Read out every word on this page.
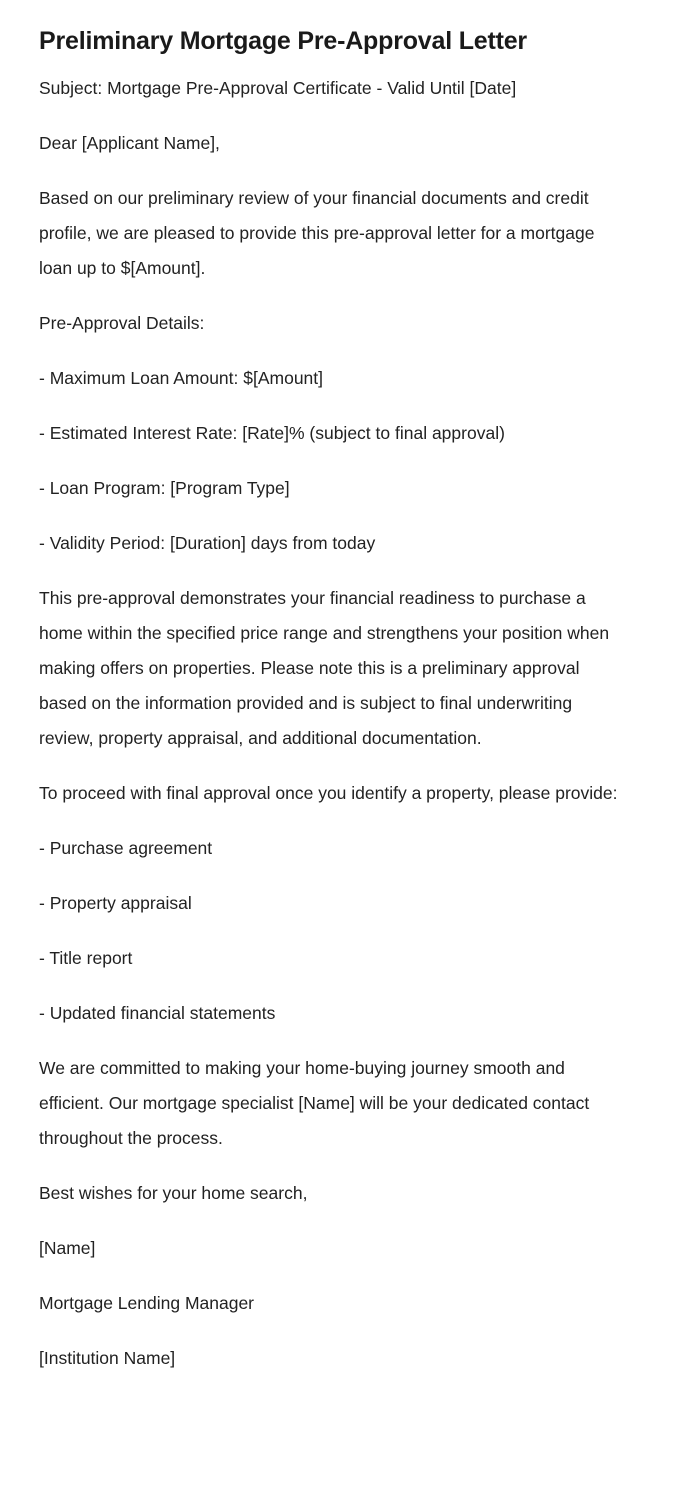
Preliminary Mortgage Pre-Approval Letter

Subject: Mortgage Pre-Approval Certificate - Valid Until [Date]

Dear [Applicant Name],

Based on our preliminary review of your financial documents and credit profile, we are pleased to provide this pre-approval letter for a mortgage loan up to $[Amount].

Pre-Approval Details:

- Maximum Loan Amount: $[Amount]

- Estimated Interest Rate: [Rate]% (subject to final approval)

- Loan Program: [Program Type]

- Validity Period: [Duration] days from today

This pre-approval demonstrates your financial readiness to purchase a home within the specified price range and strengthens your position when making offers on properties. Please note this is a preliminary approval based on the information provided and is subject to final underwriting review, property appraisal, and additional documentation.

To proceed with final approval once you identify a property, please provide:

- Purchase agreement

- Property appraisal

- Title report

- Updated financial statements

We are committed to making your home-buying journey smooth and efficient. Our mortgage specialist [Name] will be your dedicated contact throughout the process.

Best wishes for your home search,

[Name]

Mortgage Lending Manager

[Institution Name]
